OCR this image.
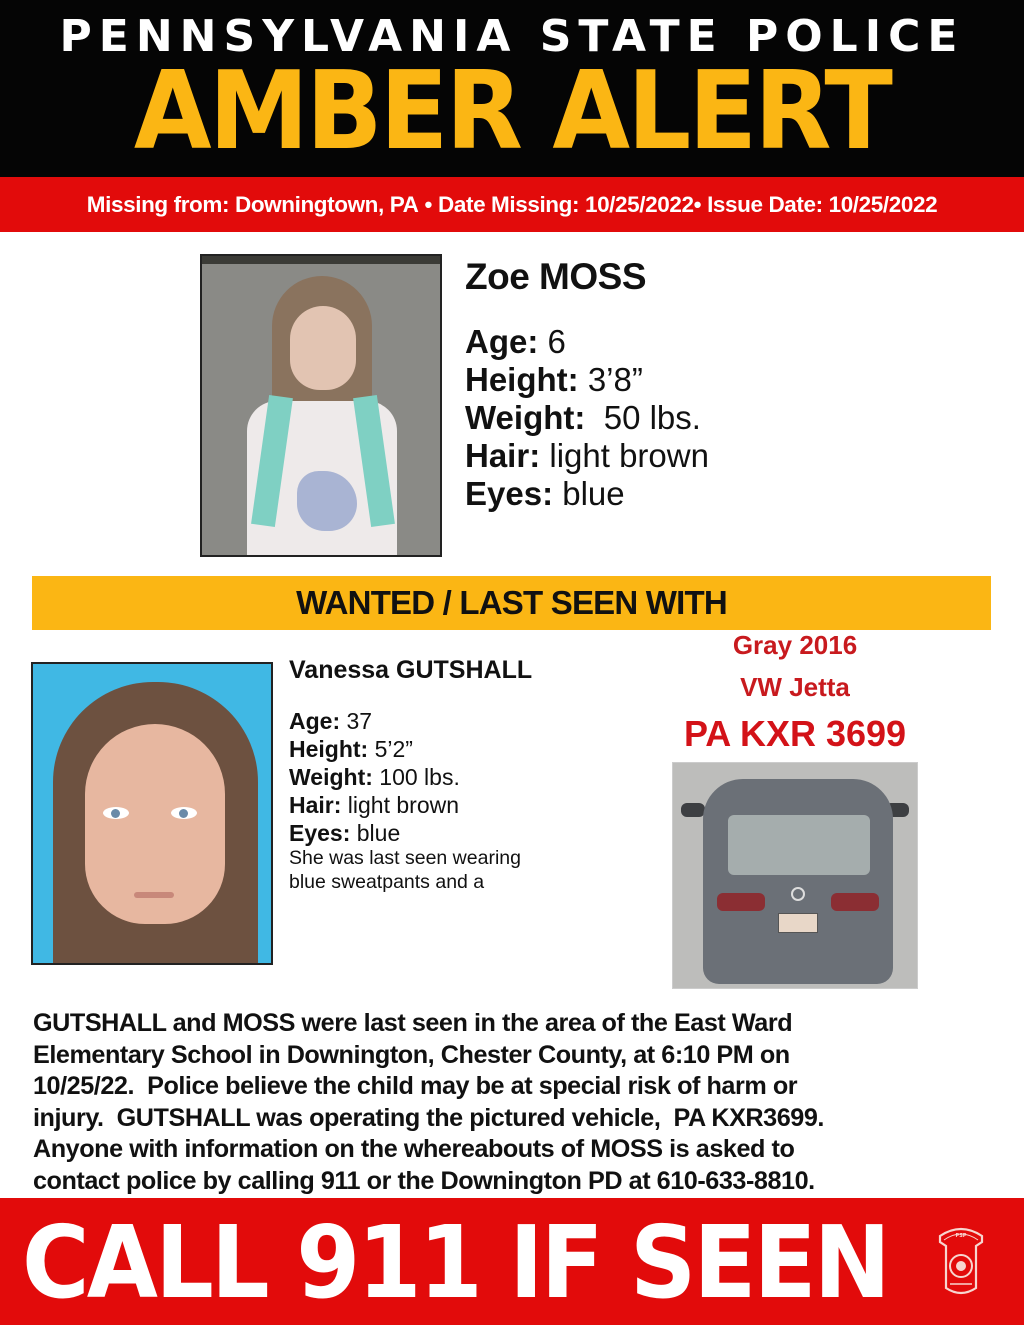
PENNSYLVANIA STATE POLICE
AMBER ALERT
Missing from:
Downingtown, PA • Date Missing:
10/25/2022 • Issue Date:
10/25/2022
Zoe MOSS
Age: 6
Height: 3’8”
Weight:  50 lbs.
Hair: light brown
Eyes: blue
WANTED / LAST SEEN WITH
Vanessa GUTSHALL
Age: 37
Height: 5’2”
Weight: 100 lbs.
Hair: light brown
Eyes: blue
She was last seen wearing
blue sweatpants and a
Gray 2016
VW Jetta
PA KXR 3699
GUTSHALL and MOSS were last seen in the area of the East Ward
Elementary School in Downington, Chester County, at 6:10 PM on
10/25/22.  Police believe the child may be at special risk of harm or
injury.  GUTSHALL was operating the pictured vehicle,  PA KXR3699.
Anyone with information on the whereabouts of MOSS is asked to
contact police by calling 911 or the Downington PD at 610-633-8810.
CALL 911 IF SEEN	PSP
